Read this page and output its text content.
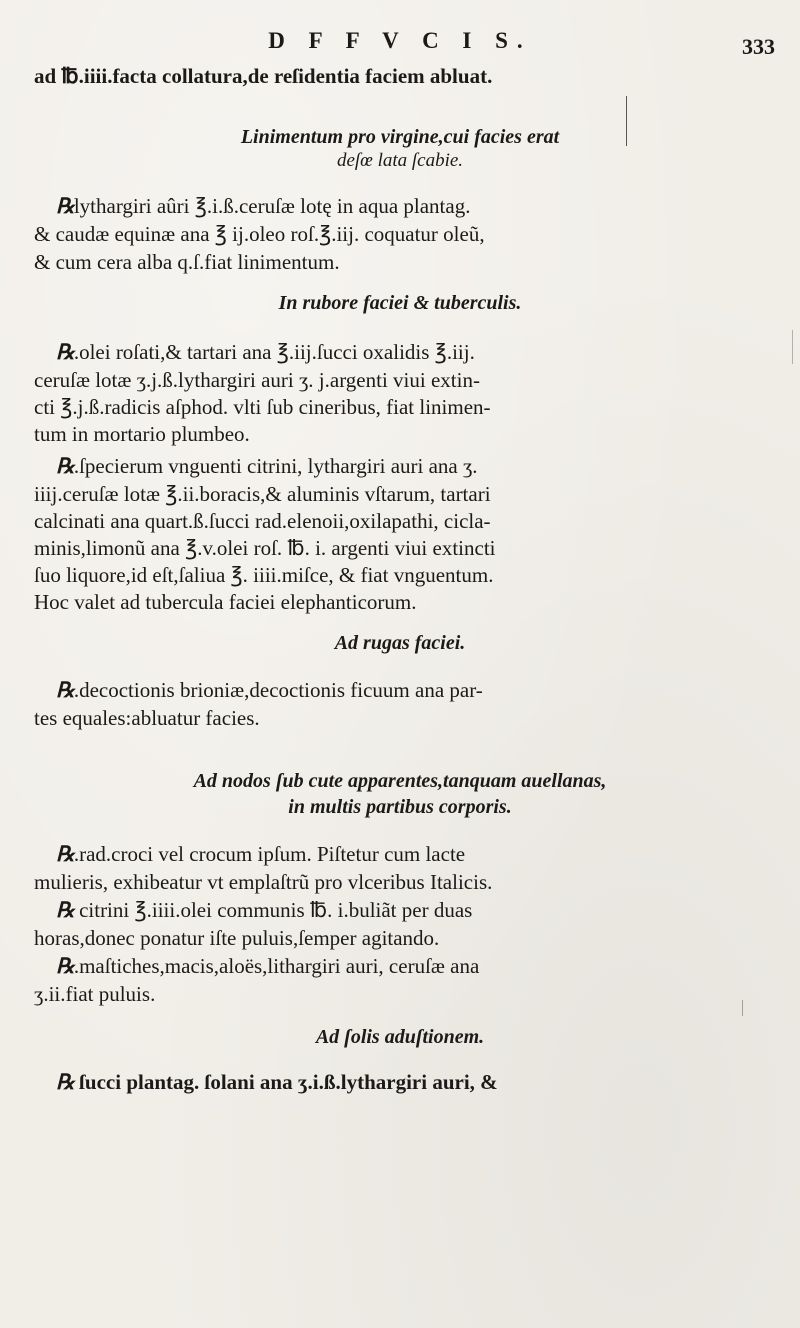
D F F V C I S.	333
ad ℔.iiii.facta collatura,de reſidentia faciem abluat.
Linimentum pro virgine,cui facies erat
deſœ lata ſcabie.
℞lythargiri aûri ℥.i.ß.ceruſæ lotę in aqua plantag.
& caudæ equinæ ana ℥ ij.oleo roſ.℥.iij. coquatur oleũ,
& cum cera alba q.ſ.fiat linimentum.
In rubore faciei & tuberculis.
℞.olei roſati,& tartari ana ℥.iij.ſucci oxalidis ℥.iij.
ceruſæ lotæ ʒ.j.ß.lythargiri auri ʒ. j.argenti viui extin-
cti ℥.j.ß.radicis aſphod. vlti ſub cineribus, fiat linimen-
tum in mortario plumbeo.
℞.ſpecierum vnguenti citrini, lythargiri auri ana ʒ.
iiij.ceruſæ lotæ ℥.ii.boracis,& aluminis vſtarum, tartari
calcinati ana quart.ß.ſucci rad.elenoii,oxilapathi, cicla-
minis,limonũ ana ℥.v.olei roſ. ℔. i. argenti viui extincti
ſuo liquore,id eſt,ſaliua ℥. iiii.miſce, & fiat vnguentum.
Hoc valet ad tubercula faciei elephanticorum.
Ad rugas faciei.
℞.decoctionis brioniæ,decoctionis ficuum ana par-
tes equales:abluatur facies.
Ad nodos ſub cute apparentes,tanquam auellanas,
in multis partibus corporis.
℞.rad.croci vel crocum ipſum. Piſtetur cum lacte
mulieris, exhibeatur vt emplaſtrũ pro vlceribus Italicis.
℞ citrini ℥.iiii.olei communis ℔. i.buliãt per duas
horas,donec ponatur iſte puluis,ſemper agitando.
℞.maſtiches,macis,aloës,lithargiri auri, ceruſæ ana
ʒ.ii.fiat puluis.
Ad ſolis aduſtionem.
℞ ſucci plantag. ſolani ana ʒ.i.ß.lythargiri auri, &
